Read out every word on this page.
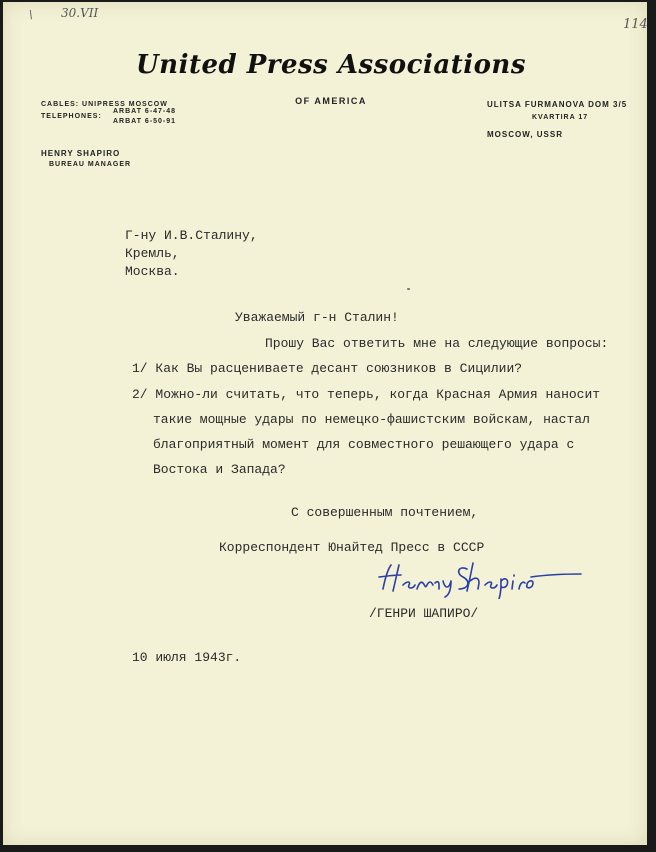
\ 30.VII
114
United Press Associations
OF AMERICA
CABLES: UNIPRESS MOSCOW
TELEPHONES:
ARBAT 6-47-48
ARBAT 6-50-91
ULITSA FURMANOVA DOM 3/5
KVARTIRA 17
MOSCOW, USSR
HENRY SHAPIRO
BUREAU MANAGER
Г-ну И.В.Сталину,
Кремль,
Москва.
Уважаемый г-н Сталин!
Прошу Вас ответить мне на следующие вопросы:
1/ Как Вы расцениваете десант союзников в Сицилии?
2/ Можно-ли считать, что теперь, когда Красная Армия наносит
такие мощные удары по немецко-фашистским войскам, настал
благоприятный момент для совместного решающего удара с
Востока и Запада?
С совершенным почтением,
Корреспондент Юнайтед Пресс в СССР
/ГЕНРИ ШАПИРО/
10 июля 1943г.
